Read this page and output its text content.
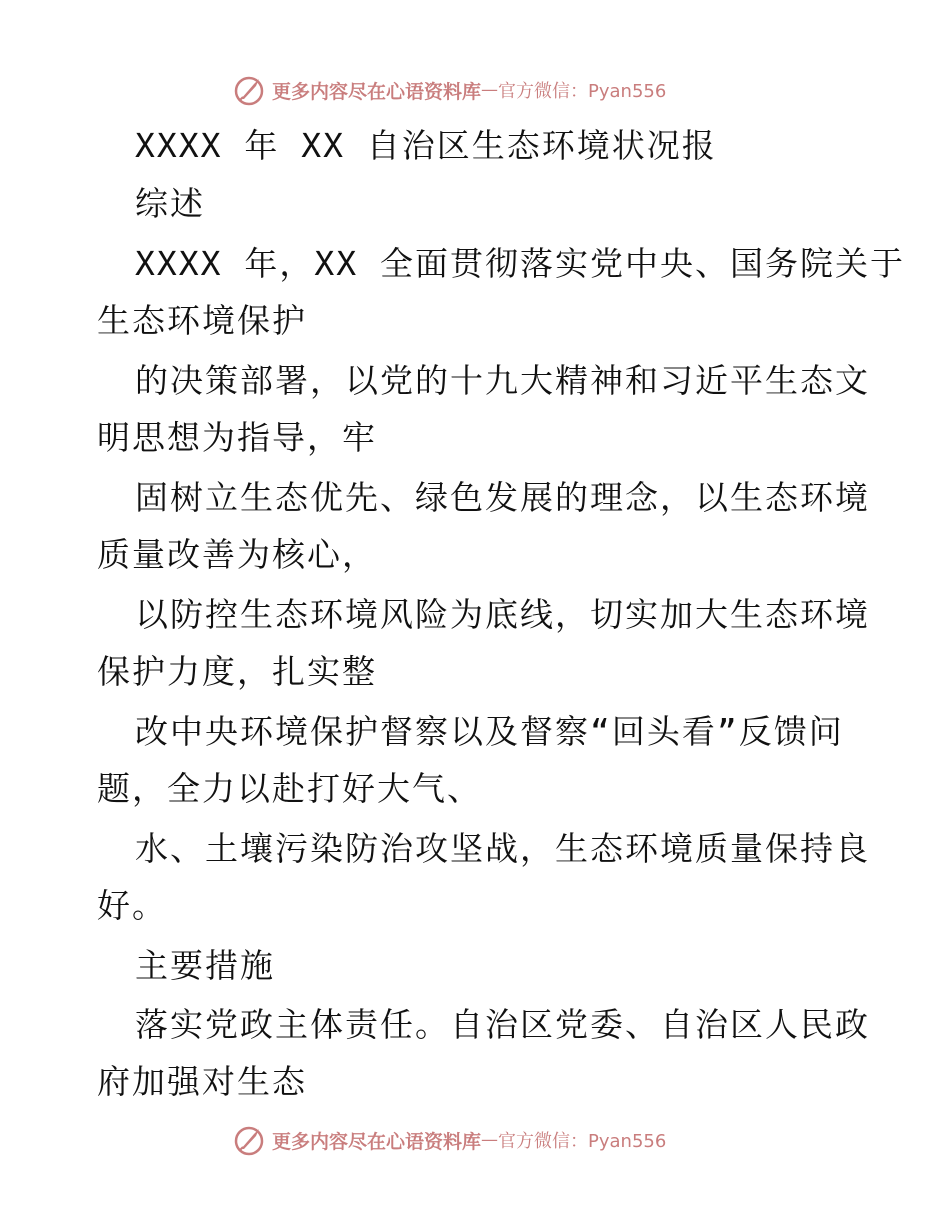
更多内容尽在心语资料库 — 官方微信：Pyan556
XXXX 年 XX 自治区生态环境状况报
综述
XXXX 年，XX 全面贯彻落实党中央、国务院关于
生态环境保护
的决策部署，以党的十九大精神和习近平生态文
明思想为指导，牢
固树立生态优先、绿色发展的理念，以生态环境
质量改善为核心，
以防控生态环境风险为底线，切实加大生态环境
保护力度，扎实整
改中央环境保护督察以及督察“回头看”反馈问
题，全力以赴打好大气、
水、土壤污染防治攻坚战，生态环境质量保持良
好。
主要措施
落实党政主体责任。自治区党委、自治区人民政
府加强对生态
更多内容尽在心语资料库 — 官方微信：Pyan556
